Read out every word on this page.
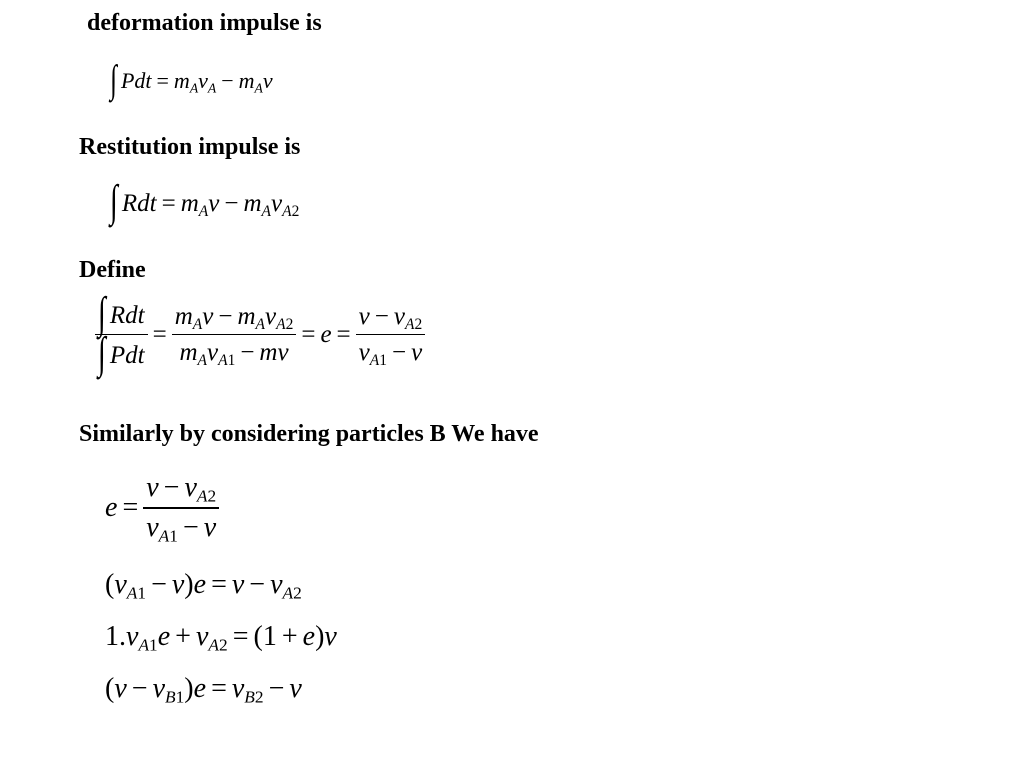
deformation impulse is
Restitution impulse is
Define
Similarly by considering particles B We have
∫ Pdt = $m_Av_A - m_Av$
∫ Rdt = $m_Av - m_Av_{A2}$
$\frac{\text{∫ Rdt}}{\text{∫ Pdt}} = \frac{m_Av - m_Av_{A2}}{m_Av_{A1} - mv} = e = \frac{v - v_{A2}}{v_{A1} - v}$
$e = \frac{v - v_{A2}}{v_{A1} - v}$
$(v_{A1} - v)e = v - v_{A2}$
$1.v_{A1}e + v_{A2} = (1 + e)v$
$(v - v_{B1})e = v_{B2} - v$
